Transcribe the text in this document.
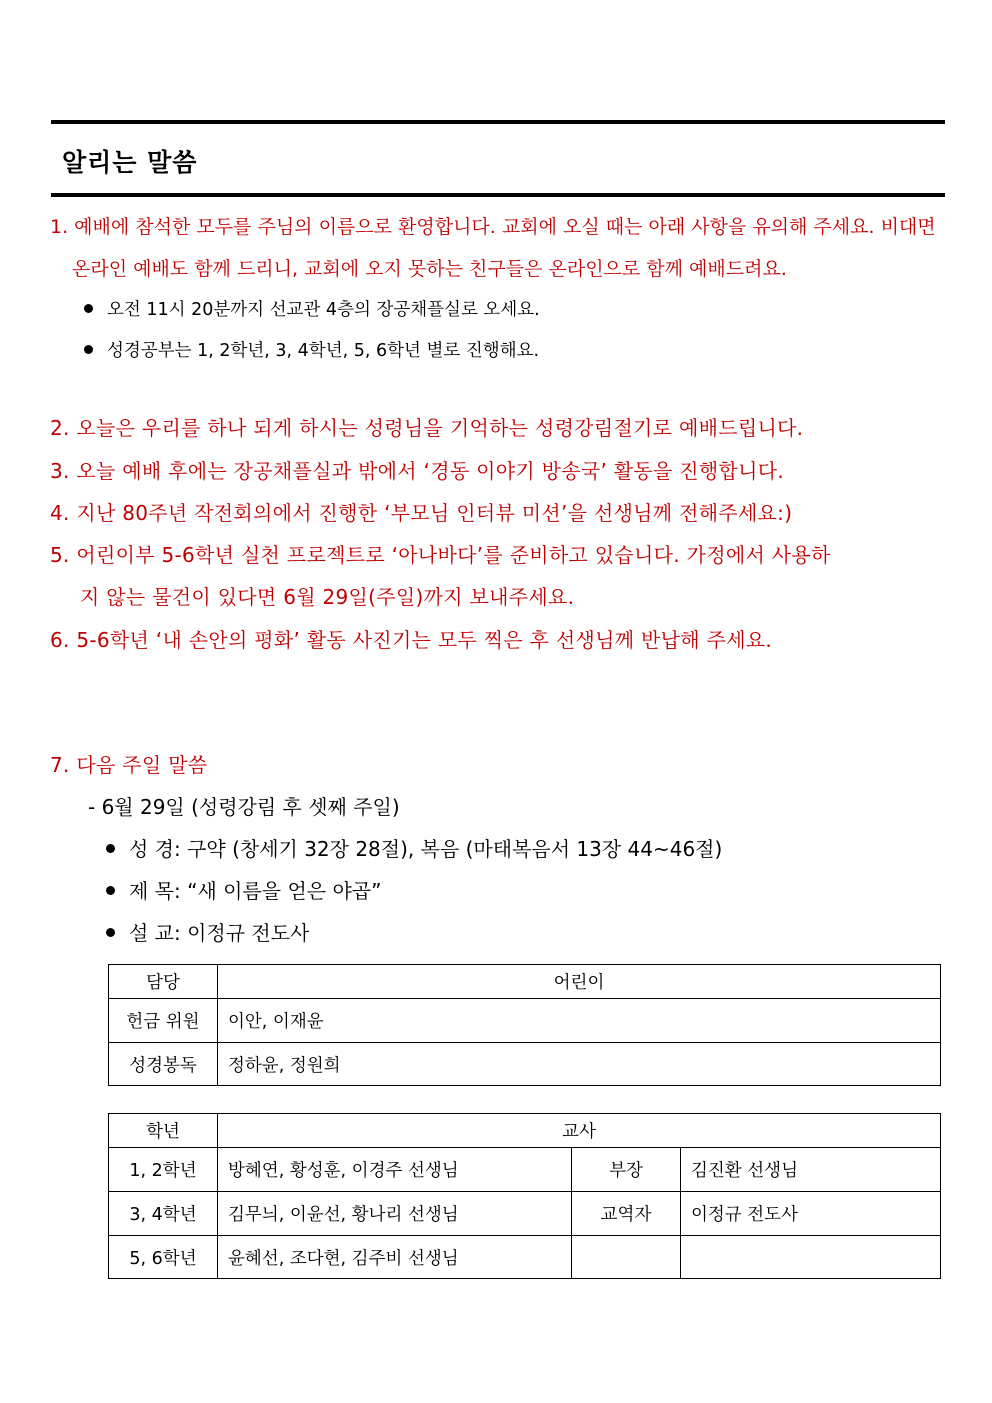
알리는 말씀
1. 예배에 참석한 모두를 주님의 이름으로 환영합니다. 교회에 오실 때는 아래 사항을 유의해 주세요. 비대면
온라인 예배도 함께 드리니, 교회에 오지 못하는 친구들은 온라인으로 함께 예배드려요.
오전 11시 20분까지 선교관 4층의 장공채플실로 오세요.
성경공부는 1, 2학년, 3, 4학년, 5, 6학년 별로 진행해요.
2. 오늘은 우리를 하나 되게 하시는 성령님을 기억하는 성령강림절기로 예배드립니다.
3. 오늘 예배 후에는 장공채플실과 밖에서 ‘경동 이야기 방송국’ 활동을 진행합니다.
4. 지난 80주년 작전회의에서 진행한 ‘부모님 인터뷰 미션’을 선생님께 전해주세요:)
5. 어린이부 5-6학년 실천 프로젝트로 ‘아나바다’를 준비하고 있습니다. 가정에서 사용하
지 않는 물건이 있다면 6월 29일(주일)까지 보내주세요.
6. 5-6학년 ‘내 손안의 평화’ 활동 사진기는 모두 찍은 후 선생님께 반납해 주세요.
7. 다음 주일 말씀
- 6월 29일 (성령강림 후 셋째 주일)
성 경: 구약 (창세기 32장 28절), 복음 (마태복음서 13장 44~46절)
제 목: “새 이름을 얻은 야곱”
설 교: 이정규 전도사
담당	어린이
헌금 위원	이안, 이재윤
성경봉독	정하윤, 정원희
학년	교사		
1, 2학년	방혜연, 황성훈, 이경주 선생님	부장	김진환 선생님
3, 4학년	김무늬, 이윤선, 황나리 선생님	교역자	이정규 전도사
5, 6학년	윤혜선, 조다현, 김주비 선생님		
